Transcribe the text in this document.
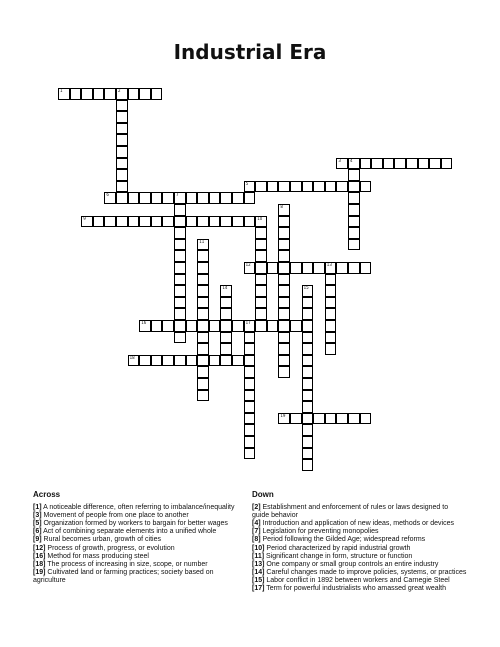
Industrial Era
1	2
3 4
5
6	7
8
9	10
11
12	13
14	15
16	17
18
19
Across

[1] A noticeable difference, often referring to imbalance/inequality

[3] Movement of people from one place to another

[5] Organization formed by workers to bargain for better wages

[6] Act of combining separate elements into a unified whole

[9] Rural becomes urban, growth of cities

[12] Process of growth, progress, or evolution

[16] Method for mass producing steel

[18] The process of increasing in size, scope, or number

[19] Cultivated land or farming practices; society based on agriculture

Down

[2] Establishment and enforcement of rules or laws designed to guide behavior

[4] Introduction and application of new ideas, methods or devices

[7] Legislation for preventing monopolies

[8] Period following the Gilded Age; widespread reforms

[10] Period characterized by rapid industrial growth

[11] Significant change in form, structure or function

[13] One company or small group controls an entire industry

[14] Careful changes made to improve policies, systems, or practices

[15] Labor conflict in 1892 between workers and Carnegie Steel

[17] Term for powerful industrialists who amassed great wealth
